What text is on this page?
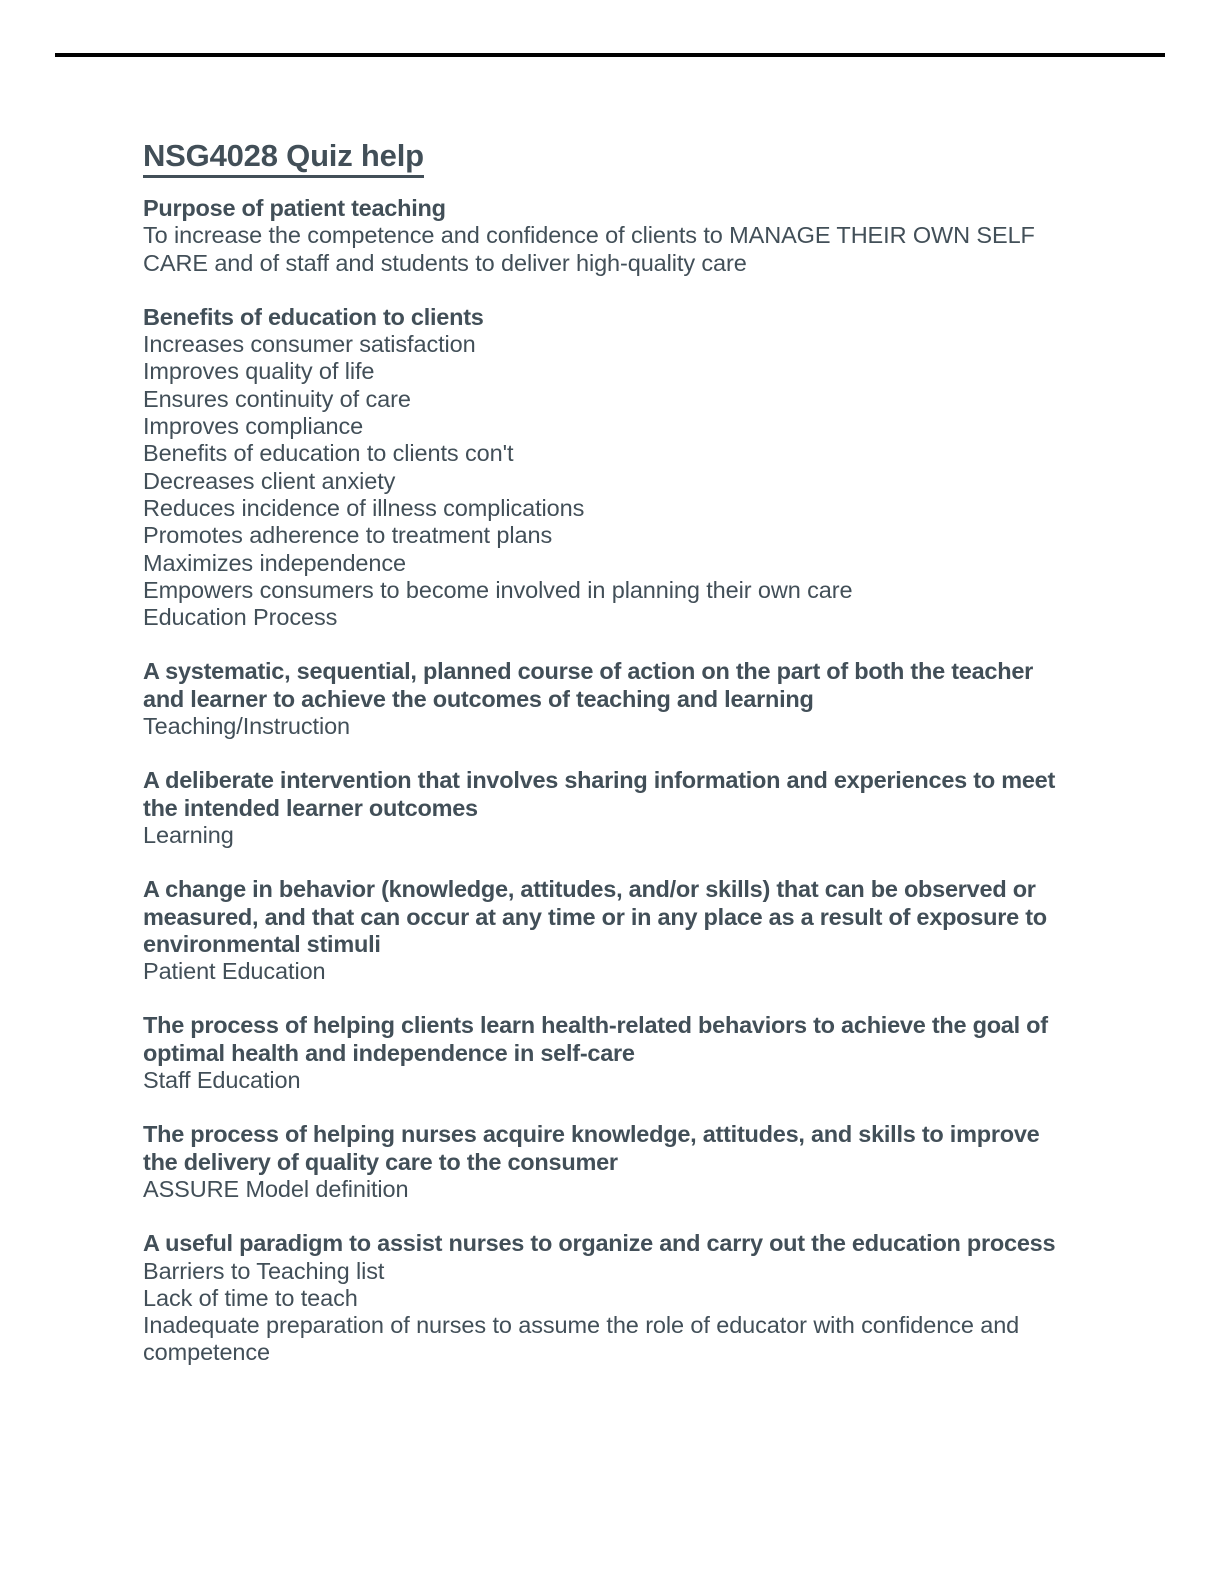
NSG4028 Quiz help

Purpose of patient teaching

To increase the competence and confidence of clients to MANAGE THEIR OWN SELF CARE and of staff and students to deliver high-quality care

Benefits of education to clients

Increases consumer satisfaction

Improves quality of life

Ensures continuity of care

Improves compliance

Benefits of education to clients con't

Decreases client anxiety

Reduces incidence of illness complications

Promotes adherence to treatment plans

Maximizes independence

Empowers consumers to become involved in planning their own care

Education Process

A systematic, sequential, planned course of action on the part of both the teacher and learner to achieve the outcomes of teaching and learning

Teaching/Instruction

A deliberate intervention that involves sharing information and experiences to meet the intended learner outcomes

Learning

A change in behavior (knowledge, attitudes, and/or skills) that can be observed or measured, and that can occur at any time or in any place as a result of exposure to environmental stimuli

Patient Education

The process of helping clients learn health-related behaviors to achieve the goal of optimal health and independence in self-care

Staff Education

The process of helping nurses acquire knowledge, attitudes, and skills to improve the delivery of quality care to the consumer

ASSURE Model definition

A useful paradigm to assist nurses to organize and carry out the education process

Barriers to Teaching list

Lack of time to teach

Inadequate preparation of nurses to assume the role of educator with confidence and competence
